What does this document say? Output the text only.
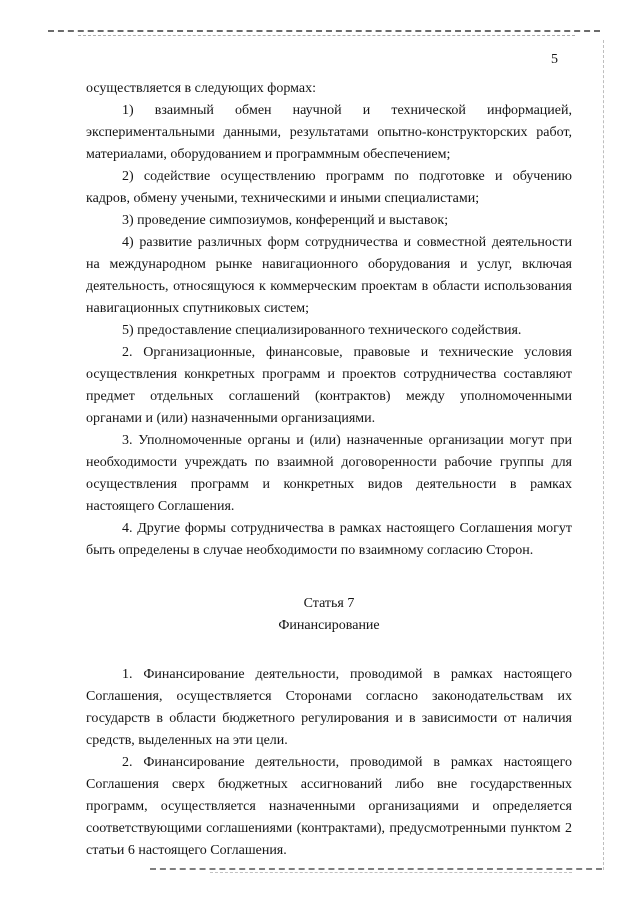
5

осуществляется в следующих формах:

1) взаимный обмен научной и технической информацией, экспериментальными данными, результатами опытно-конструкторских работ, материалами, оборудованием и программным обеспечением;

2) содействие осуществлению программ по подготовке и обучению кадров, обмену учеными, техническими и иными специалистами;

3) проведение симпозиумов, конференций и выставок;

4) развитие различных форм сотрудничества и совместной деятельности на международном рынке навигационного оборудования и услуг, включая деятельность, относящуюся к коммерческим проектам в области использования навигационных спутниковых систем;

5) предоставление специализированного технического содействия.

2. Организационные, финансовые, правовые и технические условия осуществления конкретных программ и проектов сотрудничества составляют предмет отдельных соглашений (контрактов) между уполномоченными органами и (или) назначенными организациями.

3. Уполномоченные органы и (или) назначенные организации могут при необходимости учреждать по взаимной договоренности рабочие группы для осуществления программ и конкретных видов деятельности в рамках настоящего Соглашения.

4. Другие формы сотрудничества в рамках настоящего Соглашения могут быть определены в случае необходимости по взаимному согласию Сторон.

Статья 7

Финансирование

1. Финансирование деятельности, проводимой в рамках настоящего Соглашения, осуществляется Сторонами согласно законодательствам их государств в области бюджетного регулирования и в зависимости от наличия средств, выделенных на эти цели.

2. Финансирование деятельности, проводимой в рамках настоящего Соглашения сверх бюджетных ассигнований либо вне государственных программ, осуществляется назначенными организациями и определяется соответствующими соглашениями (контрактами), предусмотренными пунктом 2 статьи 6 настоящего Соглашения.
